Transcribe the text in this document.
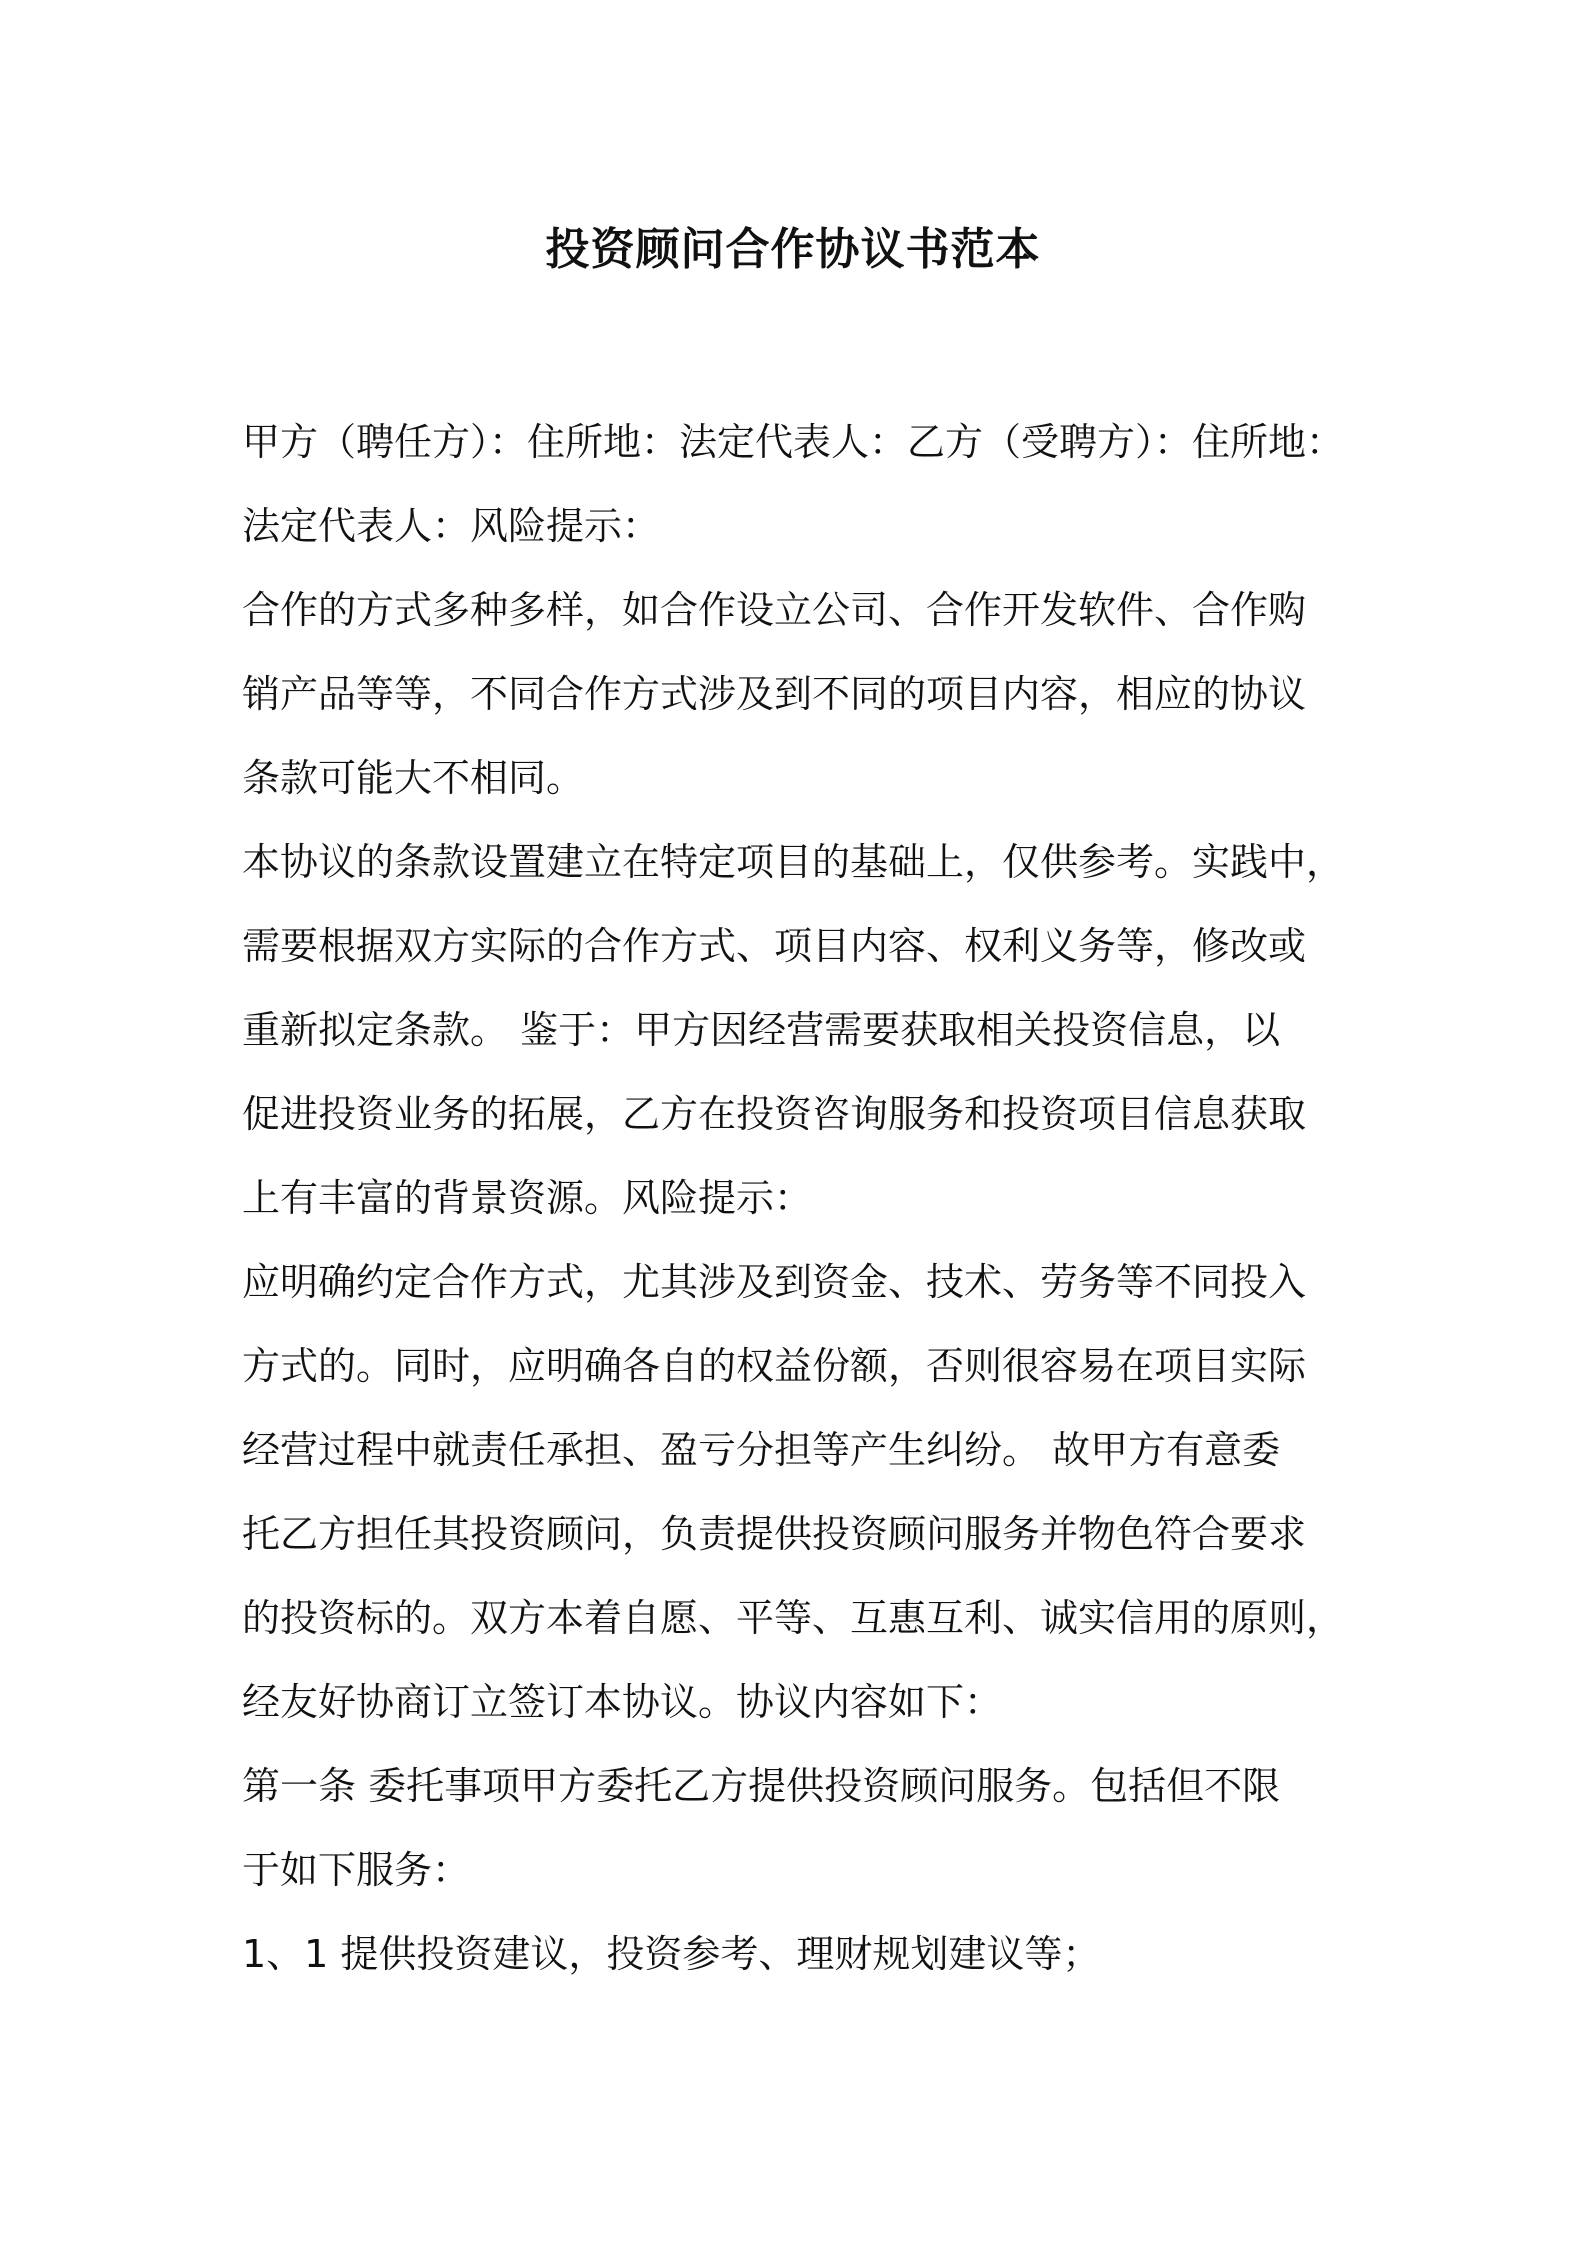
投资顾问合作协议书范本
甲方（聘任方）：住所地：法定代表人：乙方（受聘方）：住所地：
法定代表人：风险提示：
合作的方式多种多样，如合作设立公司、合作开发软件、合作购
销产品等等，不同合作方式涉及到不同的项目内容，相应的协议
条款可能大不相同。
本协议的条款设置建立在特定项目的基础上，仅供参考。实践中，
需要根据双方实际的合作方式、项目内容、权利义务等，修改或
重新拟定条款。 鉴于：甲方因经营需要获取相关投资信息，以
促进投资业务的拓展，乙方在投资咨询服务和投资项目信息获取
上有丰富的背景资源。风险提示：
应明确约定合作方式，尤其涉及到资金、技术、劳务等不同投入
方式的。同时，应明确各自的权益份额，否则很容易在项目实际
经营过程中就责任承担、盈亏分担等产生纠纷。 故甲方有意委
托乙方担任其投资顾问，负责提供投资顾问服务并物色符合要求
的投资标的。双方本着自愿、平等、互惠互利、诚实信用的原则，
经友好协商订立签订本协议。协议内容如下：
第一条 委托事项甲方委托乙方提供投资顾问服务。包括但不限
于如下服务：
1、1 提供投资建议，投资参考、理财规划建议等；
